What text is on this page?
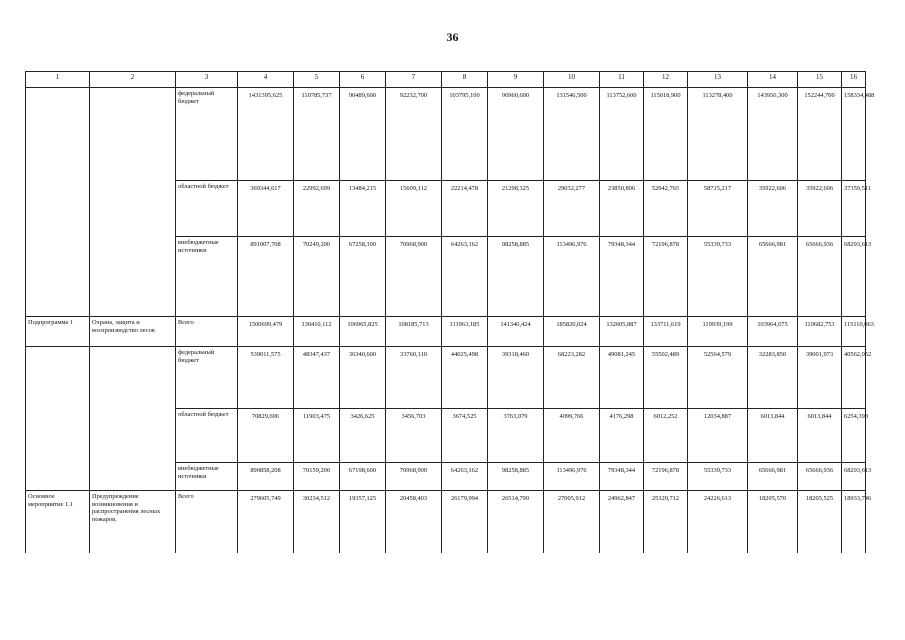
36
1	2	3	4	5	6	7	8	9	10	11	12	13	14	15	16
		федеральный бюджет	1431395,625	110785,737	90489,600	92232,700	103795,100	96960,600	131546,500	113752,600	115018,900	113278,400	143956,300	152244,700	158334,488
		областной бюджет	369344,617	22992,699	13484,215	15609,112	22214,478	21298,325	29032,277	23850,806	52942,765	58715,217	35922,606	35922,606	37359,511
		внебюджетные источники	891007,708	70249,200	67258,100	70968,900	64263,162	98258,885	113496,976	79348,344	72196,878	55339,733	65666,981	65666,936	68293,613
Подпрограмма 1	Охрана, защита и воспроизводство лесов	Всего	1500699,479	130410,112	106965,825	108185,713	111963,185	141340,424	185820,024	132605,887	133711,619	119939,199	103964,675	110682,753	115110,063
		федеральный бюджет	539011,575	48347,437	36340,600	33760,110	44025,498	39318,460	68223,282	49081,245	55502,489	52564,579	32283,850	39001,973	40562,052
		областной бюджет	70829,696	11903,475	3426,625	3456,703	3674,525	3763,079	4099,766	4176,298	6012,252	12034,887	6013,844	6013,844	6254,398
		внебюджетные источники	890858,208	70159,200	67198,600	70968,900	64263,162	98258,885	113496,976	79348,344	72196,878	55339,733	65666,981	65666,936	68293,613
Основное мероприятие 1.1	Предупреждение возникновения и распространения лесных пожаров,	Всего	279605,749	30234,512	19357,125	20458,403	26179,994	26514,790	27005,912	24962,847	25320,712	24226,613	18205,570	18205,525	18933,746
